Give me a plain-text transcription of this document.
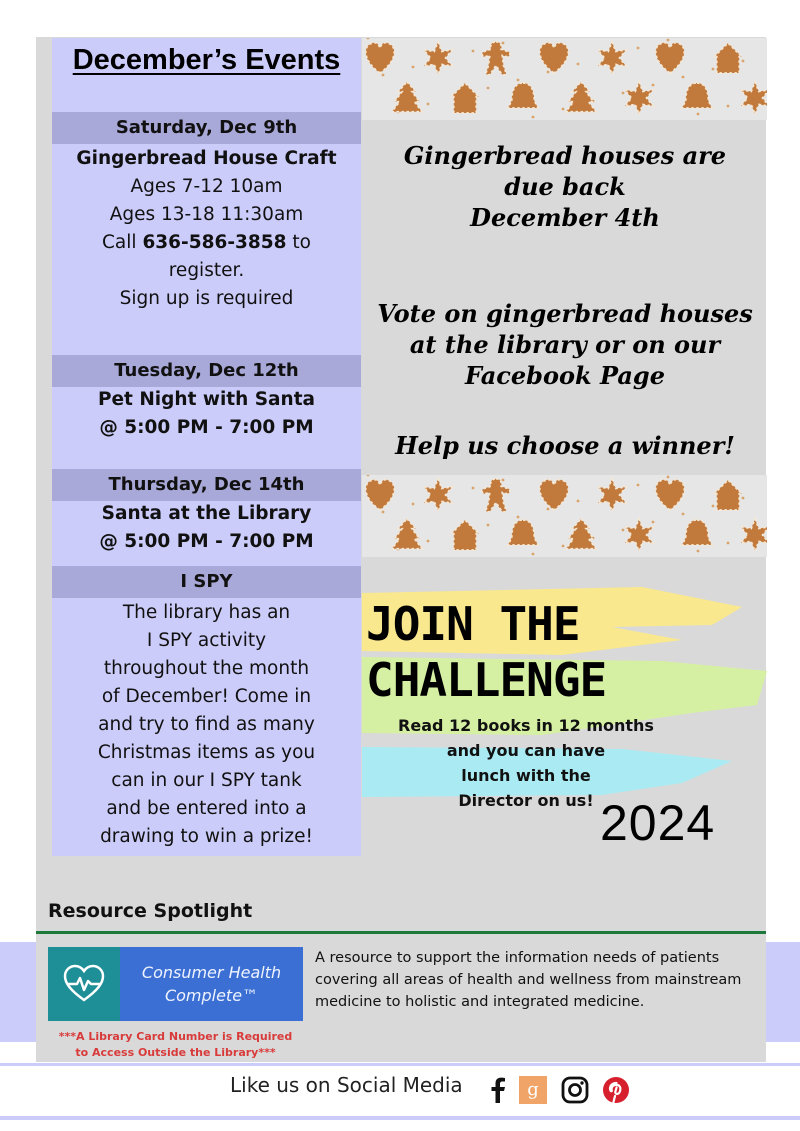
December’s Events
Saturday, Dec 9th
Gingerbread House Craft
Ages 7-12 10am
Ages 13-18 11:30am
Call 636-586-3858 to
register.
Sign up is required
Tuesday, Dec 12th
Pet Night with Santa
@ 5:00 PM - 7:00 PM
Thursday, Dec 14th
Santa at the Library
@ 5:00 PM - 7:00 PM
I SPY
The library has an
I SPY activity
throughout the month
of December! Come in
and try to find as many
Christmas items as you
can in our I SPY tank
and be entered into a
drawing to win a prize!
Gingerbread houses are
due back
December 4th
Vote on gingerbread houses
at the library or on our
Facebook Page
Help us choose a winner!
JOIN THE
CHALLENGE
Read 12 books in 12 months
and you can have
lunch with the
Director on us! 2024
Resource Spotlight
Consumer Health Complete™
***A Library Card Number is Required
to Access Outside the Library***
A resource to support the information needs of patients covering all areas of health and wellness from mainstream medicine to holistic and integrated medicine.
Like us on Social Media	g
